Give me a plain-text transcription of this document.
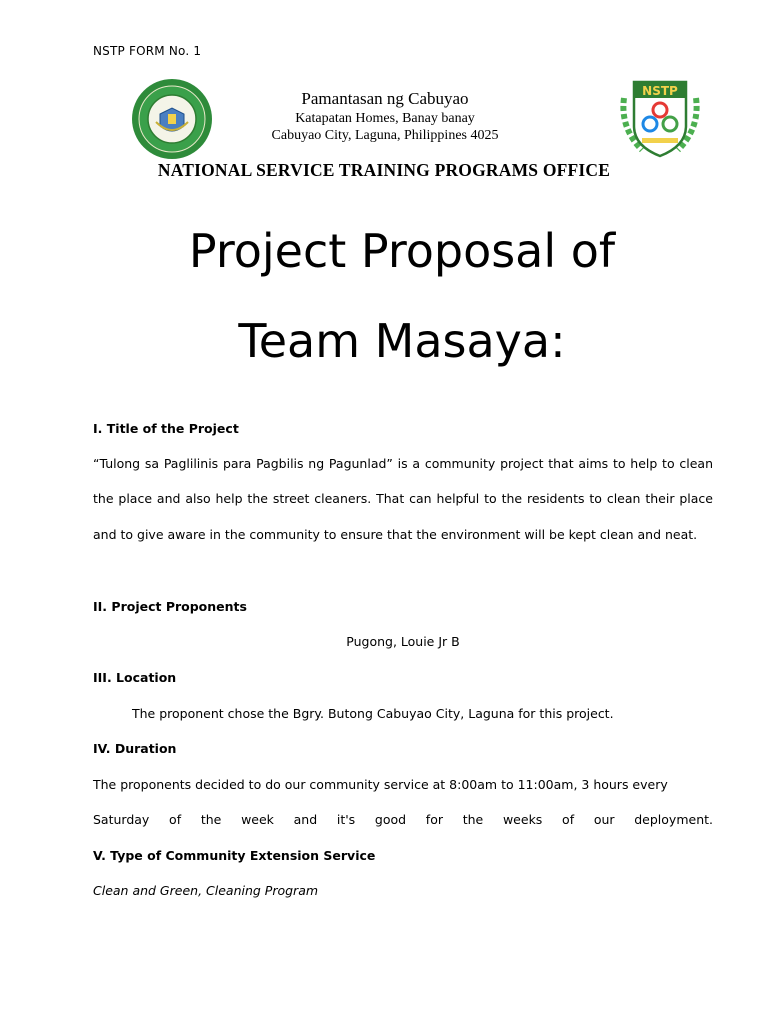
NSTP FORM No. 1
NSTP
Pamantasan ng Cabuyao
Katapatan Homes, Banay banay
Cabuyao City, Laguna, Philippines 4025
NATIONAL SERVICE TRAINING PROGRAMS OFFICE
Project Proposal of
Team Masaya:
I. Title of the Project
“Tulong sa Paglilinis para Pagbilis ng Pagunlad” is a community project that aims to help to clean
the place and also help the street cleaners. That can helpful to the residents to clean their place
and to give aware in the community to ensure that the environment will be kept clean and neat.
II. Project Proponents
Pugong, Louie Jr B
III. Location
The proponent chose the Bgry. Butong Cabuyao City, Laguna for this project.
IV. Duration
The proponents decided to do our community service at 8:00am to 11:00am, 3 hours every
Saturday of the week and it's good for the weeks of our deployment.
V. Type of Community Extension Service
Clean and Green, Cleaning Program
